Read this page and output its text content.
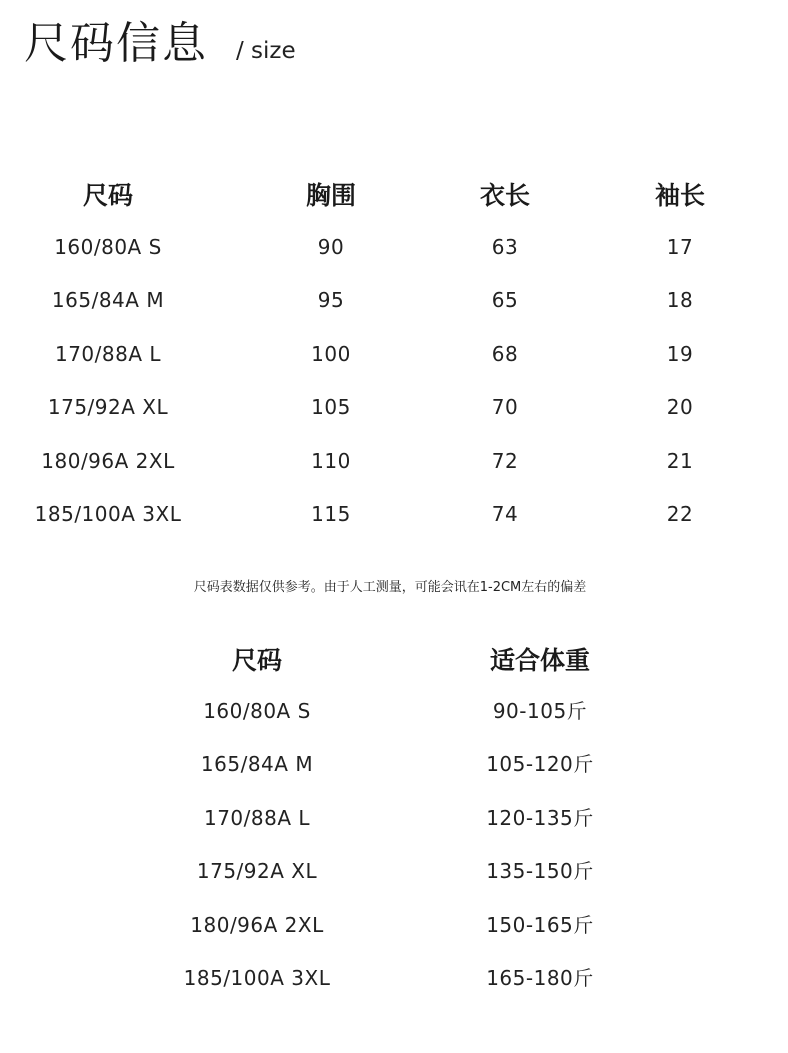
尺码信息 / size
尺码	胸围	衣长	袖长
160/80A S	90	63	17
165/84A M	95	65	18
170/88A L	100	68	19
175/92A XL	105	70	20
180/96A 2XL	110	72	21
185/100A 3XL	115	74	22
尺码表数据仅供参考。由于人工测量，可能会讯在1-2CM左右的偏差
尺码	适合体重
160/80A S	90-105斤
165/84A M	105-120斤
170/88A L	120-135斤
175/92A XL	135-150斤
180/96A 2XL	150-165斤
185/100A 3XL	165-180斤
